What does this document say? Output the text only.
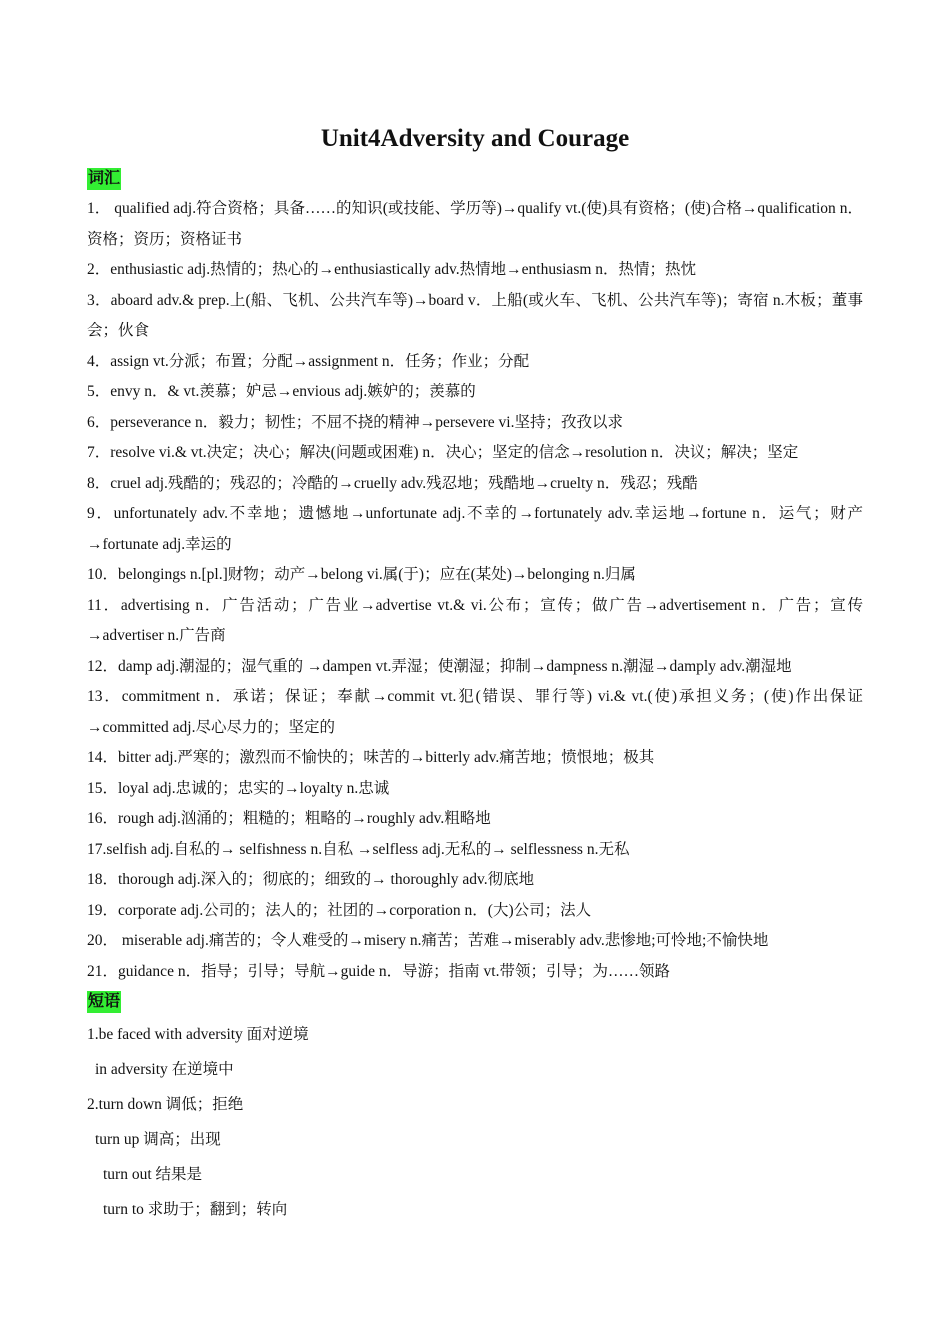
Unit4Adversity and Courage
词汇
1． qualified adj.符合资格；具备……的知识(或技能、学历等)→qualify vt.(使)具有资格；(使)合格→qualification n．资格；资历；资格证书
2．enthusiastic adj.热情的；热心的→enthusiastically adv.热情地→enthusiasm n．热情；热忱
3．aboard adv.& prep.上(船、飞机、公共汽车等)→board v．上船(或火车、飞机、公共汽车等)；寄宿 n.木板；董事会；伙食
4．assign vt.分派；布置；分配→assignment n．任务；作业；分配
5．envy n．& vt.羡慕；妒忌→envious adj.嫉妒的；羡慕的
6．perseverance n．毅力；韧性；不屈不挠的精神→persevere vi.坚持；孜孜以求
7．resolve vi.& vt.决定；决心；解决(问题或困难) n．决心；坚定的信念→resolution n．决议；解决；坚定
8．cruel adj.残酷的；残忍的；冷酷的→cruelly adv.残忍地；残酷地→cruelty n．残忍；残酷
9．unfortunately adv.不幸地；遗憾地→unfortunate adj.不幸的→fortunately adv.幸运地→fortune n．运气；财产→fortunate adj.幸运的
10．belongings n.[pl.]财物；动产→belong vi.属(于)；应在(某处)→belonging n.归属
11．advertising n．广告活动；广告业→advertise vt.& vi.公布；宣传；做广告→advertisement n．广告；宣传→advertiser n.广告商
12．damp adj.潮湿的；湿气重的 →dampen vt.弄湿；使潮湿；抑制→dampness n.潮湿→damply adv.潮湿地
13．commitment n．承诺；保证；奉献→commit vt.犯(错误、罪行等) vi.& vt.(使)承担义务；(使)作出保证→committed adj.尽心尽力的；坚定的
14．bitter adj.严寒的；激烈而不愉快的；味苦的→bitterly adv.痛苦地；愤恨地；极其
15．loyal adj.忠诚的；忠实的→loyalty n.忠诚
16．rough adj.汹涌的；粗糙的；粗略的→roughly adv.粗略地
17.selfish adj.自私的→ selfishness n.自私 →selfless adj.无私的→ selflessness n.无私
18．thorough adj.深入的；彻底的；细致的→ thoroughly adv.彻底地
19．corporate adj.公司的；法人的；社团的→corporation n．(大)公司；法人
20． miserable adj.痛苦的；令人难受的→misery n.痛苦；苦难→miserably adv.悲惨地;可怜地;不愉快地
21．guidance n．指导；引导；导航→guide n．导游；指南 vt.带领；引导；为……领路
短语
1.be faced with adversity 面对逆境
in adversity 在逆境中
2.turn down 调低；拒绝
turn up 调高；出现
turn out 结果是
turn to 求助于；翻到；转向
